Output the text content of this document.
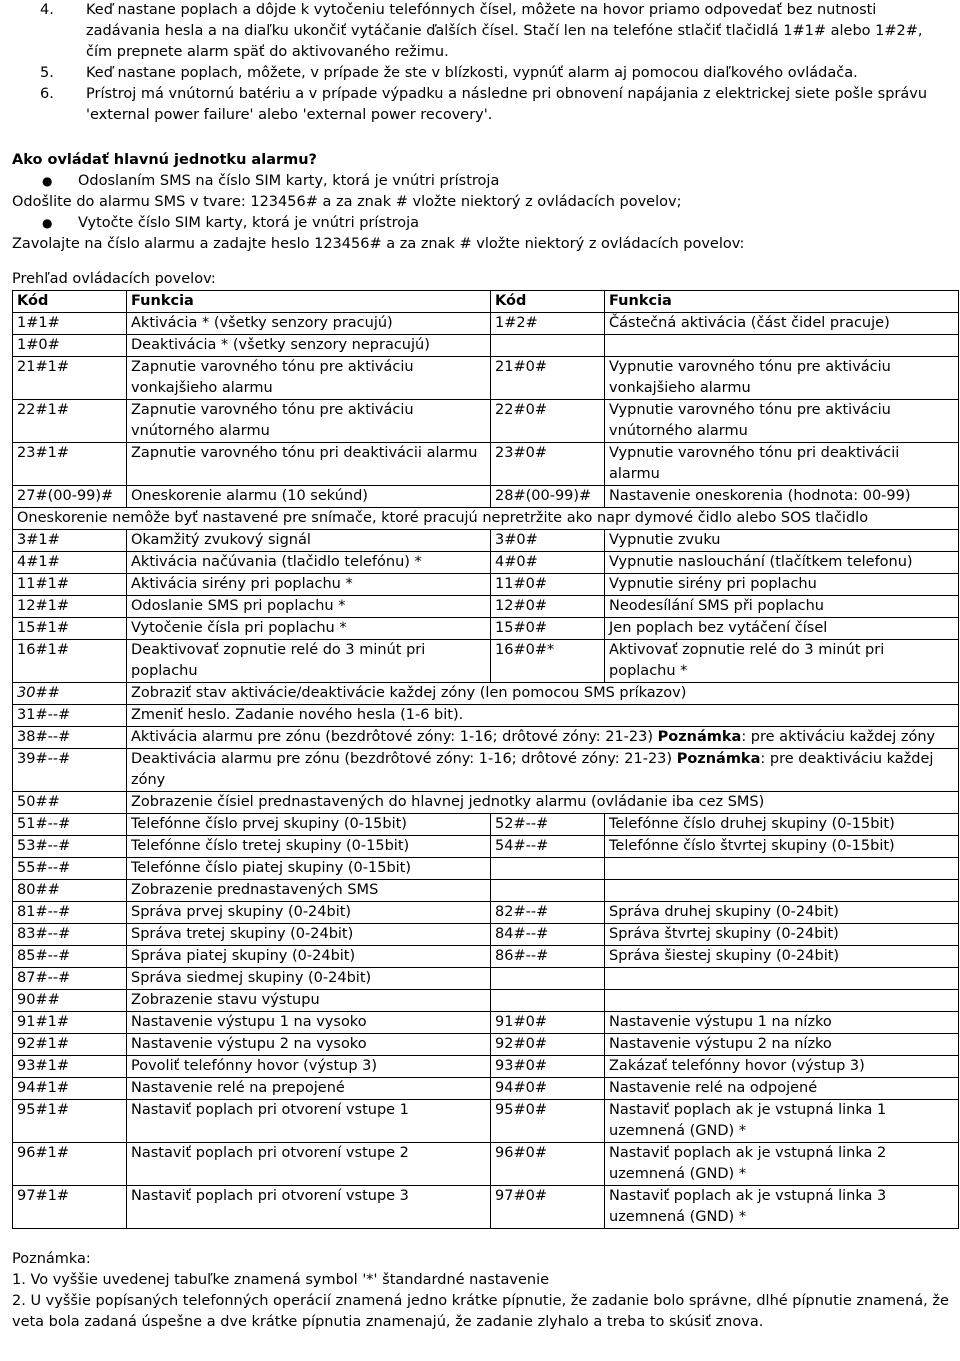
4. Keď nastane poplach a dôjde k vytočeniu telefónnych čísel, môžete na hovor priamo odpovedať bez nutnosti zadávania hesla a na diaľku ukončiť vytáčanie ďalších čísel. Stačí len na telefóne stlačiť tlačidlá 1#1# alebo 1#2#, čím prepnete alarm späť do aktivovaného režimu.
5. Keď nastane poplach, môžete, v prípade že ste v blízkosti, vypnúť alarm aj pomocou diaľkového ovládača.
6. Prístroj má vnútornú batériu a v prípade výpadku a následne pri obnovení napájania z elektrickej siete pošle správu 'external power failure' alebo 'external power recovery'.
Ako ovládať hlavnú jednotku alarmu?
● Odoslaním SMS na číslo SIM karty, ktorá je vnútri prístroja
Odošlite do alarmu SMS v tvare: 123456# a za znak # vložte niektorý z ovládacích povelov;
● Vytočte číslo SIM karty, ktorá je vnútri prístroja
Zavolajte na číslo alarmu a zadajte heslo 123456# a za znak # vložte niektorý z ovládacích povelov:
Prehľad ovládacích povelov:
Kód	Funkcia	Kód	Funkcia
1#1#	Aktivácia * (všetky senzory pracujú)	1#2#	Částečná aktivácia (část čidel pracuje)
1#0#	Deaktivácia * (všetky senzory nepracujú)		
21#1#	Zapnutie varovného tónu pre aktiváciu vonkajšieho alarmu	21#0#	Vypnutie varovného tónu pre aktiváciu vonkajšieho alarmu
22#1#	Zapnutie varovného tónu pre aktiváciu vnútorného alarmu	22#0#	Vypnutie varovného tónu pre aktiváciu vnútorného alarmu
23#1#	Zapnutie varovného tónu pri deaktivácii alarmu	23#0#	Vypnutie varovného tónu pri deaktivácii alarmu
27#(00-99)#	Oneskorenie alarmu (10 sekúnd)	28#(00-99)#	Nastavenie oneskorenia (hodnota: 00-99)
Oneskorenie nemôže byť nastavené pre snímače, ktoré pracujú nepretržite ako napr dymové čidlo alebo SOS tlačidlo			
3#1#	Okamžitý zvukový signál	3#0#	Vypnutie zvuku
4#1#	Aktivácia načúvania (tlačidlo telefónu) *	4#0#	Vypnutie naslouchání (tlačítkem telefonu)
11#1#	Aktivácia sirény pri poplachu *	11#0#	Vypnutie sirény pri poplachu
12#1#	Odoslanie SMS pri poplachu *	12#0#	Neodesílání SMS při poplachu
15#1#	Vytočenie čísla pri poplachu *	15#0#	Jen poplach bez vytáčení čísel
16#1#	Deaktivovať zopnutie relé do 3 minút pri poplachu	16#0#*	Aktivovať zopnutie relé do 3 minút pri poplachu *
30##	Zobraziť stav aktivácie/deaktivácie každej zóny (len pomocou SMS príkazov)		
31#--#	Zmeniť heslo. Zadanie nového hesla (1-6 bit).		
38#--#	Aktivácia alarmu pre zónu (bezdrôtové zóny: 1-16; drôtové zóny: 21-23) Poznámka: pre aktiváciu každej zóny		
39#--#	Deaktivácia alarmu pre zónu (bezdrôtové zóny: 1-16; drôtové zóny: 21-23) Poznámka: pre deaktiváciu každej zóny		
50##	Zobrazenie čísiel prednastavených do hlavnej jednotky alarmu (ovládanie iba cez SMS)		
51#--#	Telefónne číslo prvej skupiny (0-15bit)	52#--#	Telefónne číslo druhej skupiny (0-15bit)
53#--#	Telefónne číslo tretej skupiny (0-15bit)	54#--#	Telefónne číslo štvrtej skupiny (0-15bit)
55#--#	Telefónne číslo piatej skupiny (0-15bit)		
80##	Zobrazenie prednastavených SMS		
81#--#	Správa prvej skupiny (0-24bit)	82#--#	Správa druhej skupiny (0-24bit)
83#--#	Správa tretej skupiny (0-24bit)	84#--#	Správa štvrtej skupiny (0-24bit)
85#--#	Správa piatej skupiny (0-24bit)	86#--#	Správa šiestej skupiny (0-24bit)
87#--#	Správa siedmej skupiny (0-24bit)		
90##	Zobrazenie stavu výstupu		
91#1#	Nastavenie výstupu 1 na vysoko	91#0#	Nastavenie výstupu 1 na nízko
92#1#	Nastavenie výstupu 2 na vysoko	92#0#	Nastavenie výstupu 2 na nízko
93#1#	Povoliť telefónny hovor (výstup 3)	93#0#	Zakázať telefónny hovor (výstup 3)
94#1#	Nastavenie relé na prepojené	94#0#	Nastavenie relé na odpojené
95#1#	Nastaviť poplach pri otvorení vstupe 1	95#0#	Nastaviť poplach ak je vstupná linka 1 uzemnená (GND) *
96#1#	Nastaviť poplach pri otvorení vstupe 2	96#0#	Nastaviť poplach ak je vstupná linka 2 uzemnená (GND) *
97#1#	Nastaviť poplach pri otvorení vstupe 3	97#0#	Nastaviť poplach ak je vstupná linka 3 uzemnená (GND) *
Poznámka:
1. Vo vyššie uvedenej tabuľke znamená symbol '*' štandardné nastavenie
2. U vyššie popísaných telefonných operácií znamená jedno krátke pípnutie, že zadanie bolo správne, dlhé pípnutie znamená, že veta bola zadaná úspešne a dve krátke pípnutia znamenajú, že zadanie zlyhalo a treba to skúsiť znova.
